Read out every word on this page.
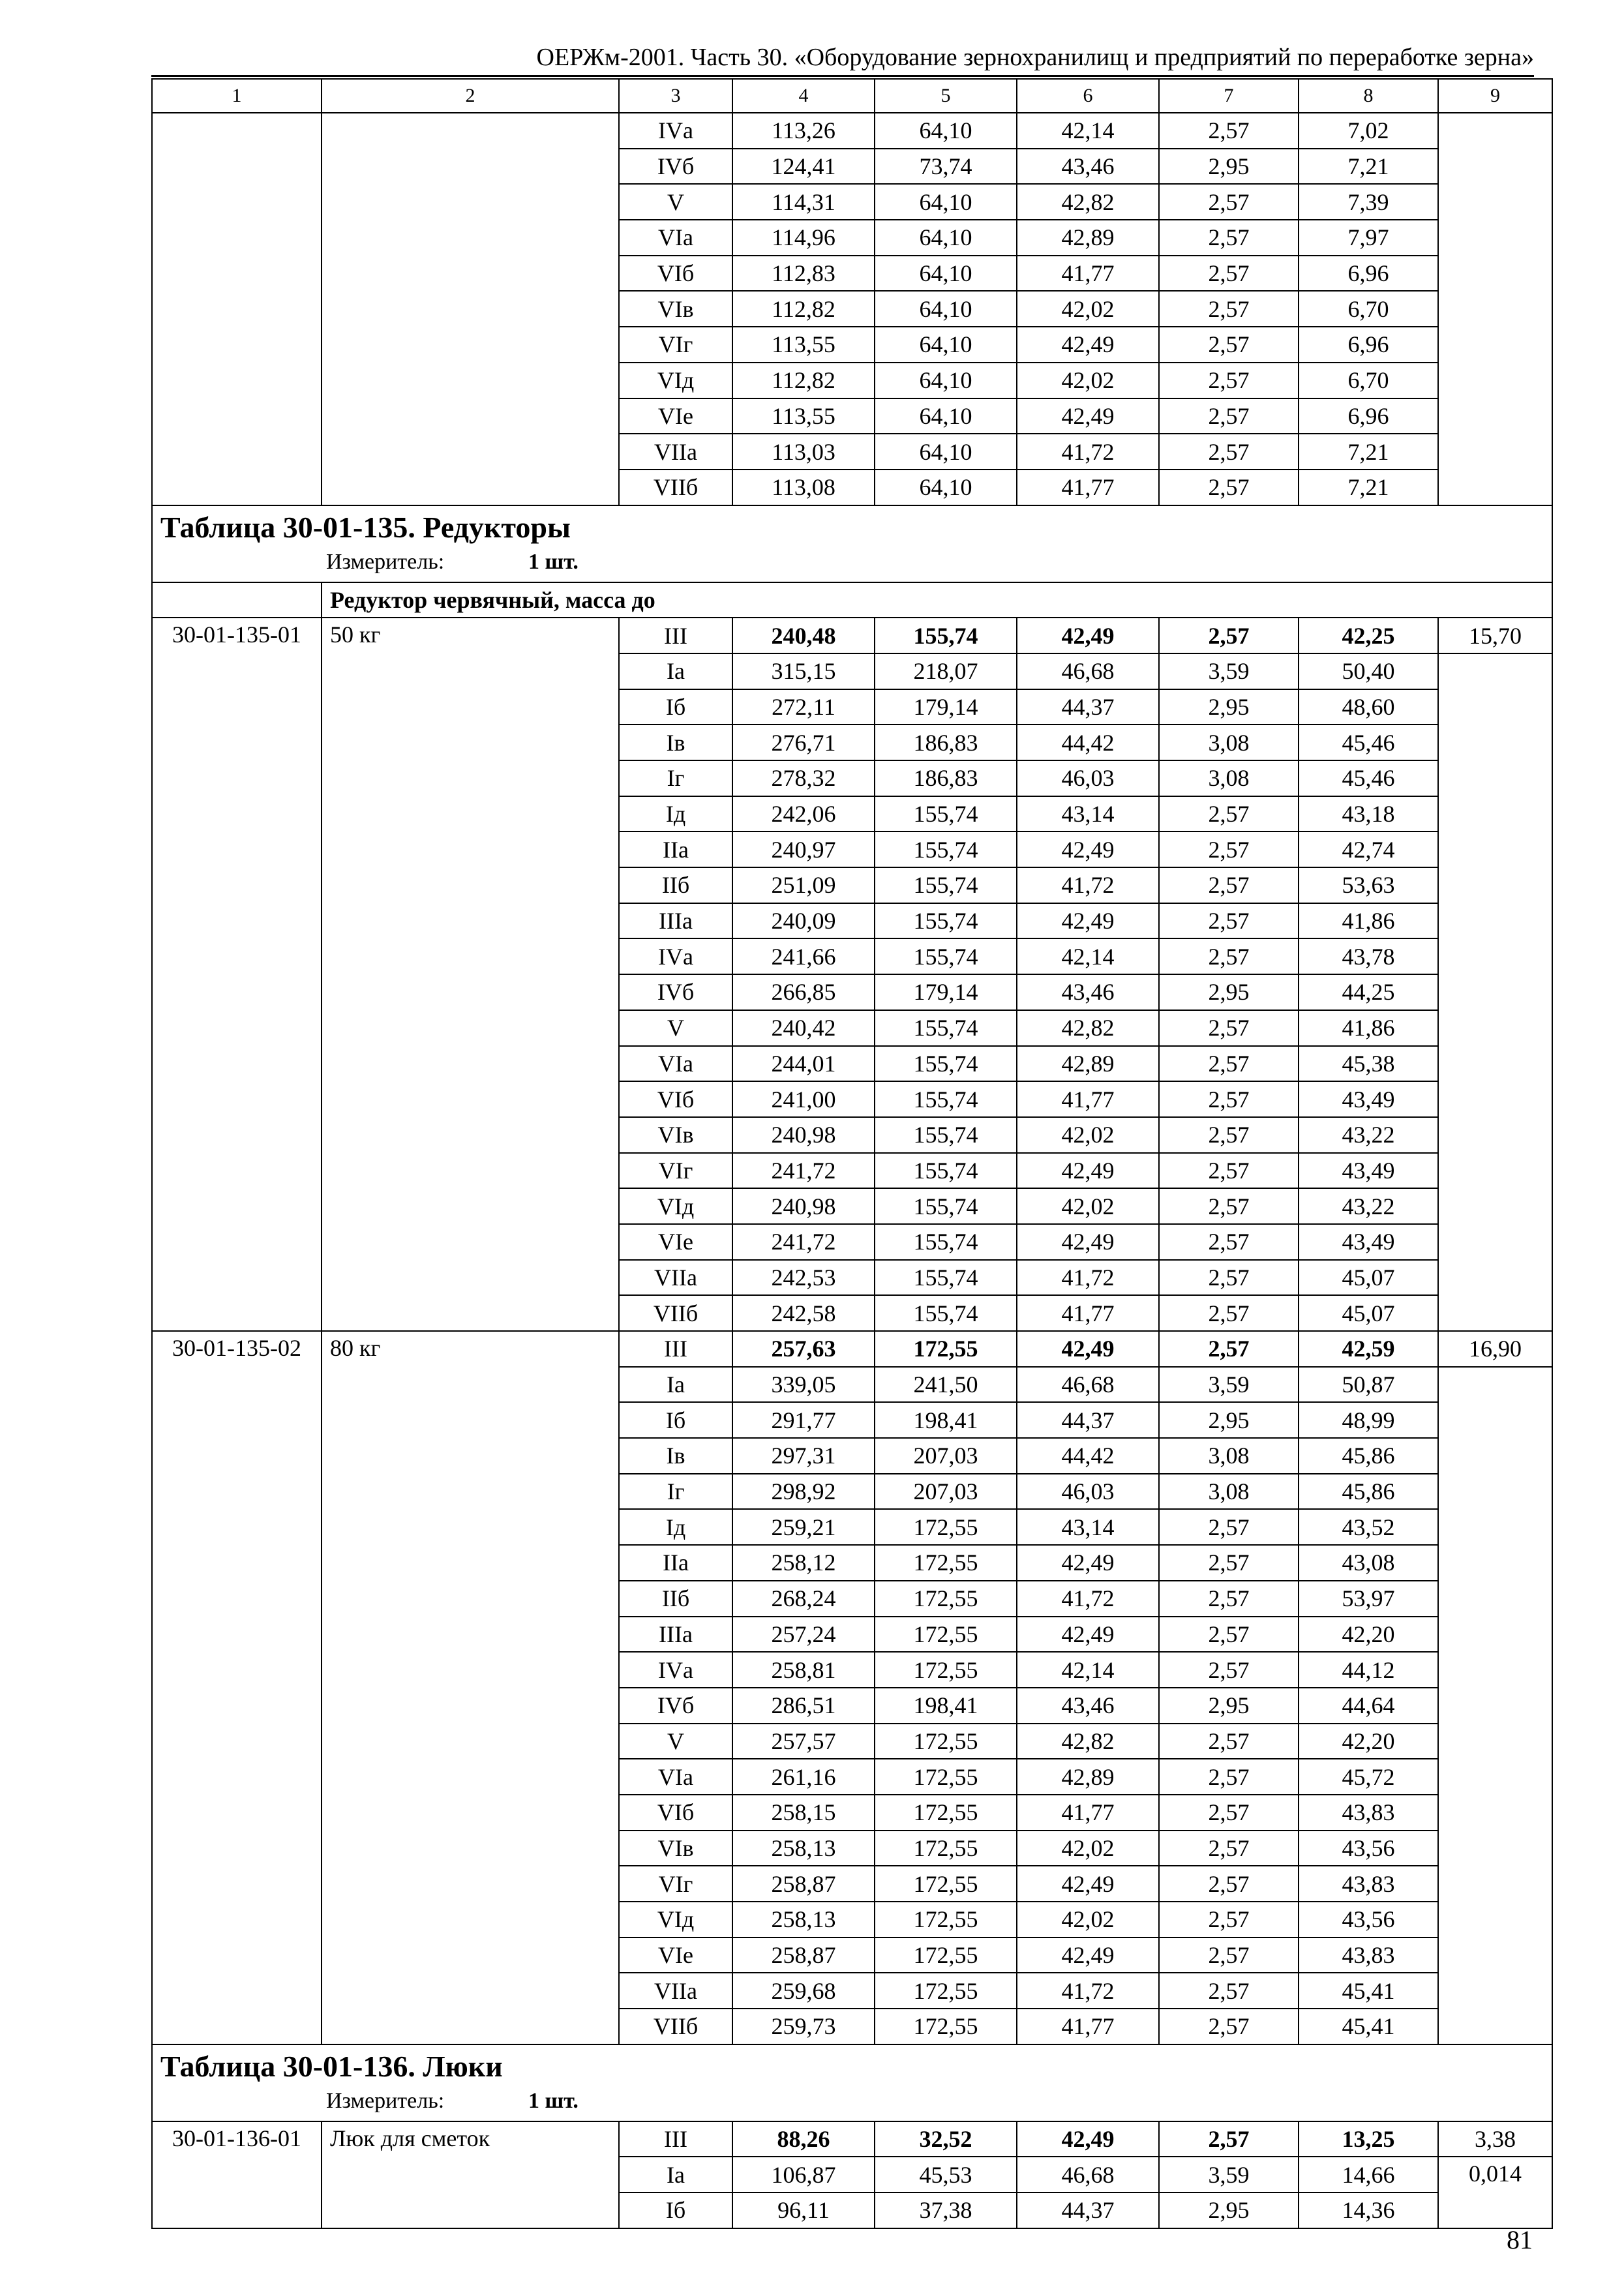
ОЕРЖм-2001. Часть 30. «Оборудование зернохранилищ и предприятий по переработке зерна»
1	2	3	4	5	6	7	8	9
		IVа	113,26	64,10	42,14	2,57	7,02	
		IVб	124,41	73,74	43,46	2,95	7,21	
		V	114,31	64,10	42,82	2,57	7,39	
		VIа	114,96	64,10	42,89	2,57	7,97	
		VIб	112,83	64,10	41,77	2,57	6,96	
		VIв	112,82	64,10	42,02	2,57	6,70	
		VIг	113,55	64,10	42,49	2,57	6,96	
		VIд	112,82	64,10	42,02	2,57	6,70	
		VIе	113,55	64,10	42,49	2,57	6,96	
		VIIа	113,03	64,10	41,72	2,57	7,21	
		VIIб	113,08	64,10	41,77	2,57	7,21	

Таблица 30-01-135. Редукторы
Измеритель: 1 шт.								

	Редуктор червячный, масса до							
30-01-135-01	50 кг	III	240,48	155,74	42,49	2,57	42,25	15,70
		Iа	315,15	218,07	46,68	3,59	50,40	
		Iб	272,11	179,14	44,37	2,95	48,60	
		Iв	276,71	186,83	44,42	3,08	45,46	
		Iг	278,32	186,83	46,03	3,08	45,46	
		Iд	242,06	155,74	43,14	2,57	43,18	
		IIа	240,97	155,74	42,49	2,57	42,74	
		IIб	251,09	155,74	41,72	2,57	53,63	
		IIIа	240,09	155,74	42,49	2,57	41,86	
		IVа	241,66	155,74	42,14	2,57	43,78	
		IVб	266,85	179,14	43,46	2,95	44,25	
		V	240,42	155,74	42,82	2,57	41,86	
		VIа	244,01	155,74	42,89	2,57	45,38	
		VIб	241,00	155,74	41,77	2,57	43,49	
		VIв	240,98	155,74	42,02	2,57	43,22	
		VIг	241,72	155,74	42,49	2,57	43,49	
		VIд	240,98	155,74	42,02	2,57	43,22	
		VIе	241,72	155,74	42,49	2,57	43,49	
		VIIа	242,53	155,74	41,72	2,57	45,07	
		VIIб	242,58	155,74	41,77	2,57	45,07	
30-01-135-02	80 кг	III	257,63	172,55	42,49	2,57	42,59	16,90
		Iа	339,05	241,50	46,68	3,59	50,87	
		Iб	291,77	198,41	44,37	2,95	48,99	
		Iв	297,31	207,03	44,42	3,08	45,86	
		Iг	298,92	207,03	46,03	3,08	45,86	
		Iд	259,21	172,55	43,14	2,57	43,52	
		IIа	258,12	172,55	42,49	2,57	43,08	
		IIб	268,24	172,55	41,72	2,57	53,97	
		IIIа	257,24	172,55	42,49	2,57	42,20	
		IVа	258,81	172,55	42,14	2,57	44,12	
		IVб	286,51	198,41	43,46	2,95	44,64	
		V	257,57	172,55	42,82	2,57	42,20	
		VIа	261,16	172,55	42,89	2,57	45,72	
		VIб	258,15	172,55	41,77	2,57	43,83	
		VIв	258,13	172,55	42,02	2,57	43,56	
		VIг	258,87	172,55	42,49	2,57	43,83	
		VIд	258,13	172,55	42,02	2,57	43,56	
		VIе	258,87	172,55	42,49	2,57	43,83	
		VIIа	259,68	172,55	41,72	2,57	45,41	
		VIIб	259,73	172,55	41,77	2,57	45,41	

Таблица 30-01-136. Люки
Измеритель: 1 шт.								

30-01-136-01	Люк для сметок	III	88,26	32,52	42,49	2,57	13,25	3,38
		Iа	106,87	45,53	46,68	3,59	14,66	0,014
		Iб	96,11	37,38	44,37	2,95	14,36	
81
